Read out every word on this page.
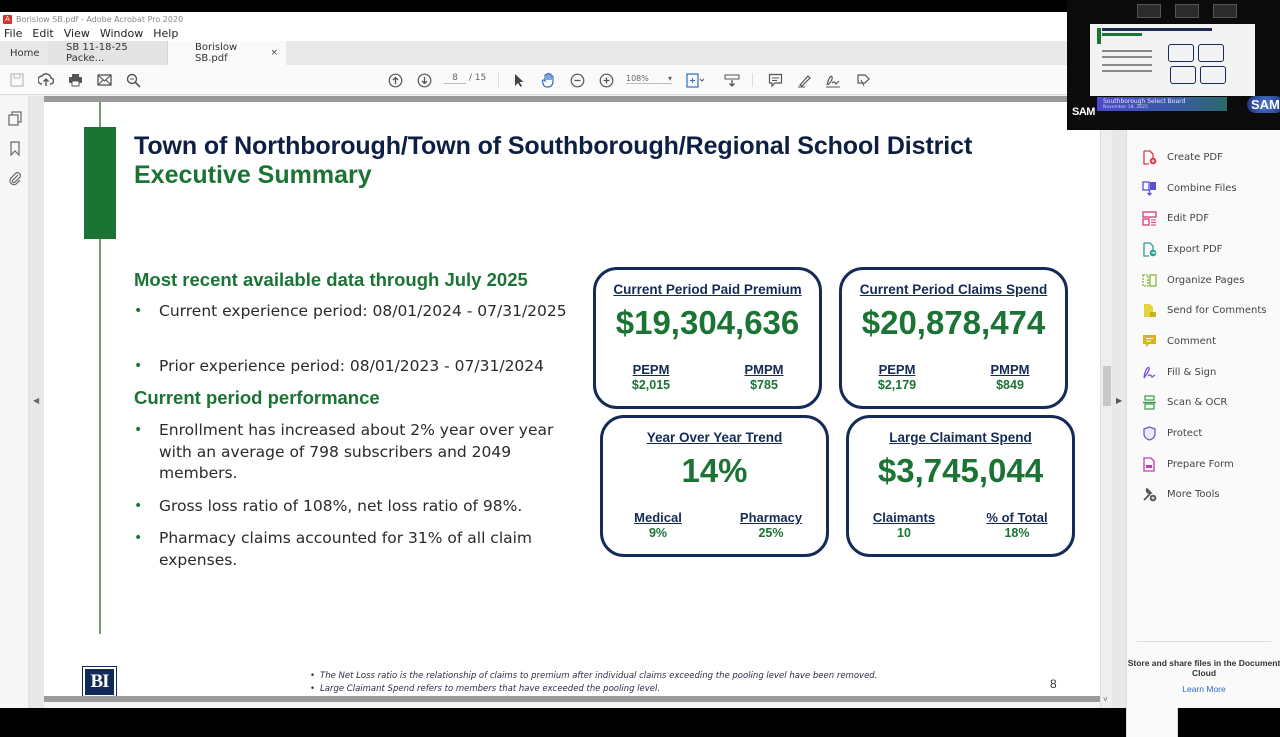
A Borislow SB.pdf - Adobe Acrobat Pro 2020
File Edit View Window Help
Home	SB 11-18-25 Packe...
Borislow SB.pdf	×
8 / 15	108% ▾
◀
Town of Northborough/Town of Southborough/Regional School District
Executive Summary
Most recent available data through July 2025
• Current experience period: 08/01/2024 - 07/31/2025
• Prior experience period: 08/01/2023 - 07/31/2024
Current period performance
• Enrollment has increased about 2% year over year with an average of 798 subscribers and 2049 members.
• Gross loss ratio of 108%, net loss ratio of 98%.
• Pharmacy claims accounted for 31% of all claim expenses.
Current Period Paid Premium
$19,304,636
PEPM
$2,015
PMPM
$785
Current Period Claims Spend
$20,878,474
PEPM
$2,179
PMPM
$849
Year Over Year Trend
14%
Medical
9%
Pharmacy
25%
Large Claimant Spend
$3,745,044
Claimants
10
% of Total
18%
BI	• The Net Loss ratio is the relationship of claims to premium after individual claims exceeding the pooling level have been removed.
• Large Claimant Spend refers to members that have exceeded the pooling level.	8
˅
▶
Create PDF
Combine Files
Edit PDF
Export PDF
Organize Pages
Send for Comments
Comment
Fill & Sign
Scan & OCR
Protect
Prepare Form
More Tools
Store and share files in the Document Cloud
Learn More
Southborough Select Board
November 18, 2025
SAM	SAM
